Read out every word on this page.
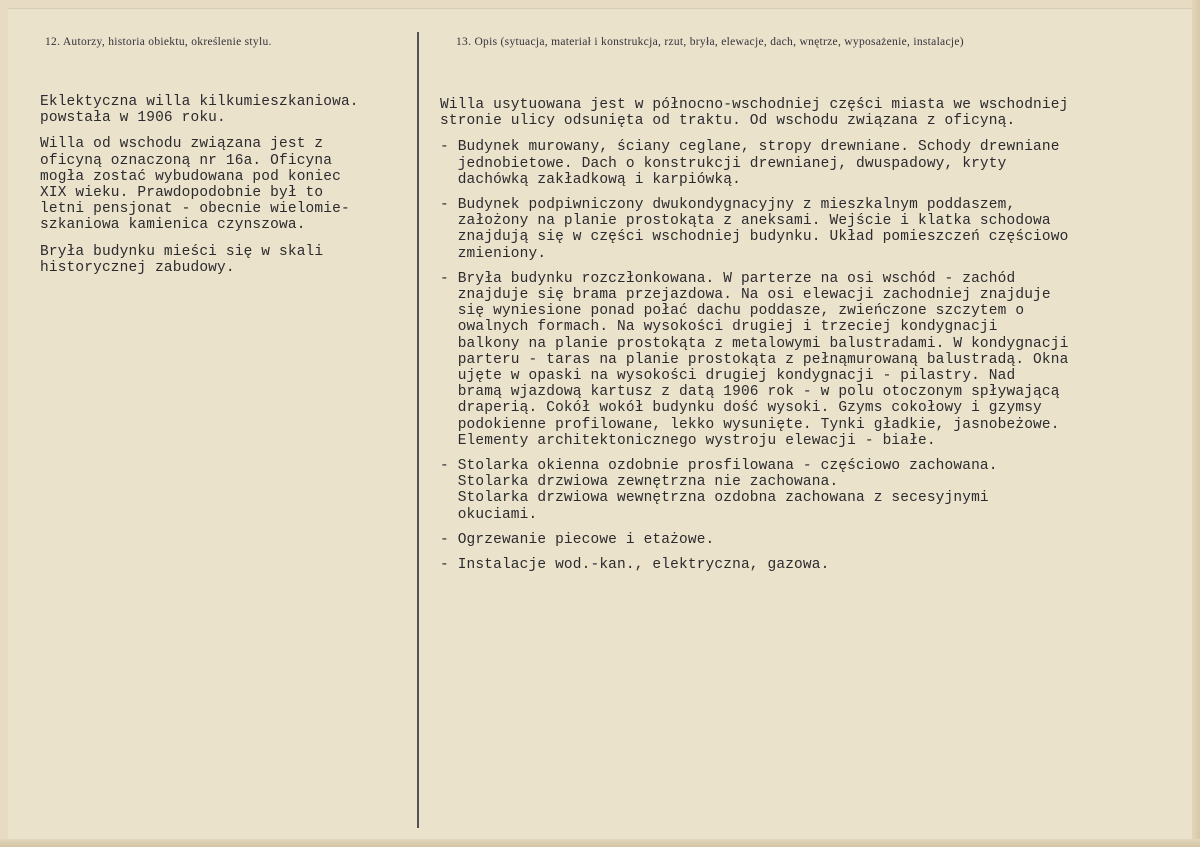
12. Autorzy, historia obiektu, określenie stylu.	13. Opis (sytuacja, materiał i konstrukcja, rzut, bryła, elewacje, dach, wnętrze, wyposażenie, instalacje)

Eklektyczna willa kilkumieszkaniowa.
powstała w 1906 roku.

Willa od wschodu związana jest z
oficyną oznaczoną nr 16a. Oficyna
mogła zostać wybudowana pod koniec
XIX wieku. Prawdopodobnie był to
letni pensjonat - obecnie wielomie-
szkaniowa kamienica czynszowa.

Bryła budynku mieści się w skali
historycznej zabudowy.

Willa usytuowana jest w północno-wschodniej części miasta we wschodniej
stronie ulicy odsunięta od traktu. Od wschodu związana z oficyną.

- Budynek murowany, ściany ceglane, stropy drewniane. Schody drewniane
jednobietowe. Dach o konstrukcji drewnianej, dwuspadowy, kryty
dachówką zakładkową i karpiówką.

- Budynek podpiwniczony dwukondygnacyjny z mieszkalnym poddaszem,
założony na planie prostokąta z aneksami. Wejście i klatka schodowa
znajdują się w części wschodniej budynku. Układ pomieszczeń częściowo
zmieniony.

- Bryła budynku rozczłonkowana. W parterze na osi wschód - zachód
znajduje się brama przejazdowa. Na osi elewacji zachodniej znajduje
się wyniesione ponad połać dachu poddasze, zwieńczone szczytem o
owalnych formach. Na wysokości drugiej i trzeciej kondygnacji
balkony na planie prostokąta z metalowymi balustradami. W kondygnacji
parteru - taras na planie prostokąta z pełnąmurowaną balustradą. Okna
ujęte w opaski na wysokości drugiej kondygnacji - pilastry. Nad
bramą wjazdową kartusz z datą 1906 rok - w polu otoczonym spływającą
draperią. Cokół wokół budynku dość wysoki. Gzyms cokołowy i gzymsy
podokienne profilowane, lekko wysunięte. Tynki gładkie, jasnobeżowe.
Elementy architektonicznego wystroju elewacji - białe.

- Stolarka okienna ozdobnie prosfilowana - częściowo zachowana.
Stolarka drzwiowa zewnętrzna nie zachowana.
Stolarka drzwiowa wewnętrzna ozdobna zachowana z secesyjnymi
okuciami.

- Ogrzewanie piecowe i etażowe.

- Instalacje wod.-kan., elektryczna, gazowa.
